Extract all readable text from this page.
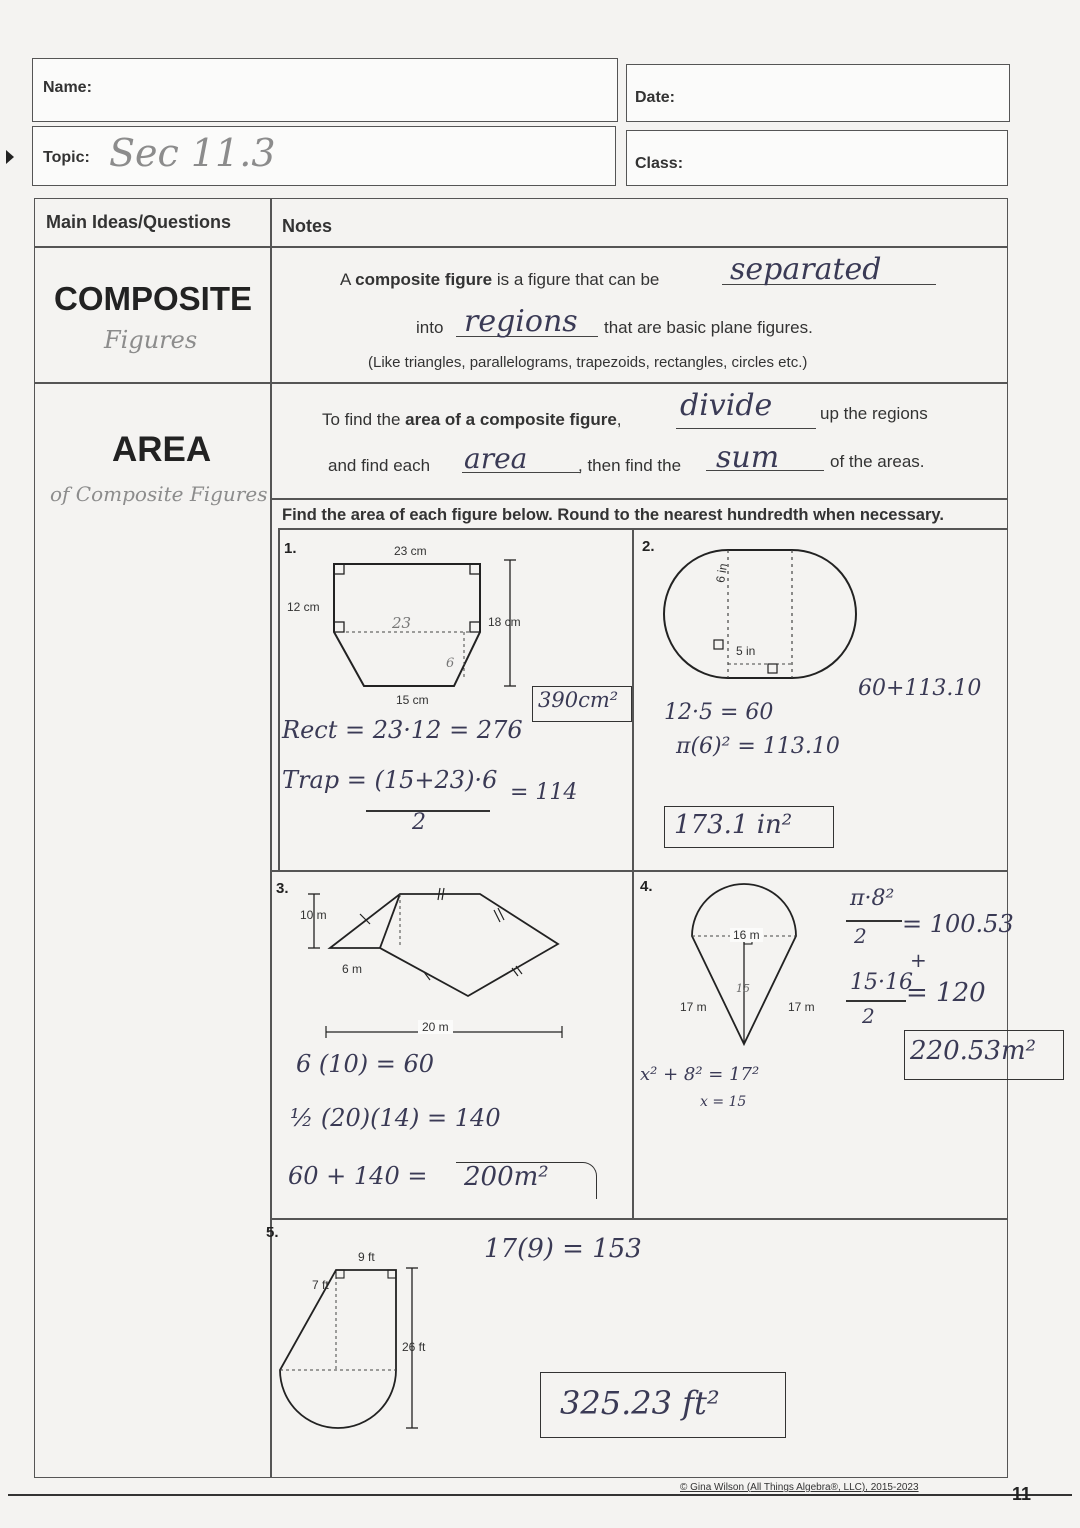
Name:
Date:
Topic: Sec 11.3	Class:
Main Ideas/Questions	Notes
COMPOSITE
Figures
A composite figure is a figure that can be separated
into regions that are basic plane figures.
(Like triangles, parallelograms, trapezoids, rectangles, circles etc.)
AREA
of Composite Figures
To find the area of a composite figure, divide	up the regions
and find each area	, then find the sum	of the areas.
Find the area of each figure below. Round to the nearest hundredth when necessary.
1.	23 cm
12 cm
18 cm
15 cm
23
6
Rect = 23·12 = 276
Trap = (15+23)·6
2
= 114
390cm²
2.
6 in
5 in
12·5 = 60
π(6)² = 113.10
60+113.10
173.1 in²
3.
10 m
6 m
20 m
6 (10) = 60
½ (20)(14) = 140
60 + 140 = 200m²
4.
16 m
17 m	17 m
15
π·8²
2 = 100.53
+
15·16
2
= 120
x² + 8² = 17²
x = 15
220.53m²
5.
9 ft
7 ft
26 ft
17(9) = 153
325.23 ft²
© Gina Wilson (All Things Algebra®, LLC), 2015-2023	11
